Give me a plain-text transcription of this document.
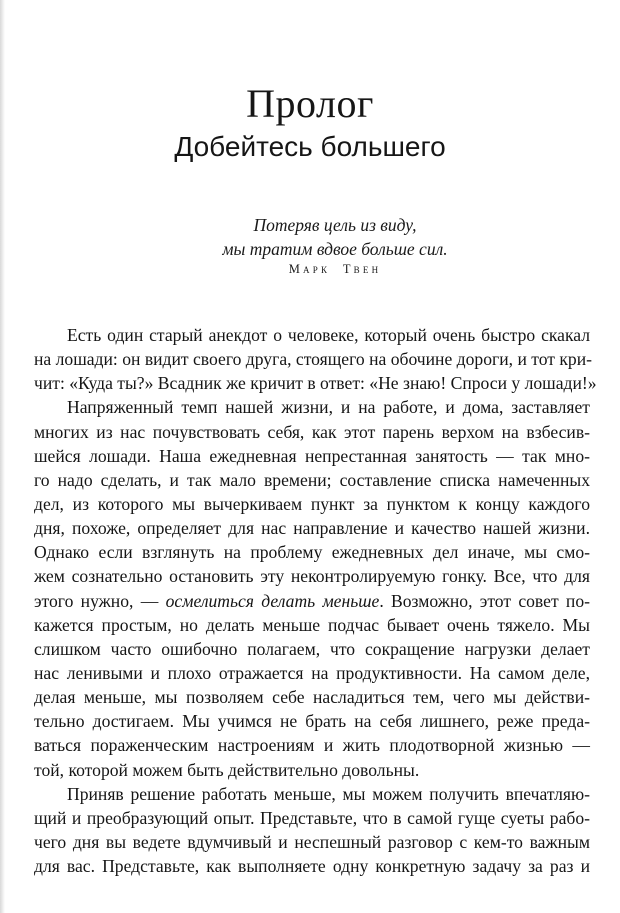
Пролог
Добейтесь большего
Потеряв цель из виду,
мы тратим вдвое больше сил.
Марк Твен
Есть один старый анекдот о человеке, который очень быстро скакал
на лошади: он видит своего друга, стоящего на обочине дороги, и тот кри-
чит: «Куда ты?» Всадник же кричит в ответ: «Не знаю! Спроси у лошади!»
Напряженный темп нашей жизни, и на работе, и дома, заставляет
многих из нас почувствовать себя, как этот парень верхом на взбесив-
шейся лошади. Наша ежедневная непрестанная занятость — так мно-
го надо сделать, и так мало времени; составление списка намеченных
дел, из которого мы вычеркиваем пункт за пунктом к концу каждого
дня, похоже, определяет для нас направление и качество нашей жизни.
Однако если взглянуть на проблему ежедневных дел иначе, мы смо-
жем сознательно остановить эту неконтролируемую гонку. Все, что для
этого нужно, — осмелиться делать меньше. Возможно, этот совет по-
кажется простым, но делать меньше подчас бывает очень тяжело. Мы
слишком часто ошибочно полагаем, что сокращение нагрузки делает
нас ленивыми и плохо отражается на продуктивности. На самом деле,
делая меньше, мы позволяем себе насладиться тем, чего мы действи-
тельно достигаем. Мы учимся не брать на себя лишнего, реже преда-
ваться пораженческим настроениям и жить плодотворной жизнью —
той, которой можем быть действительно довольны.
Приняв решение работать меньше, мы можем получить впечатляю-
щий и преобразующий опыт. Представьте, что в самой гуще суеты рабо-
чего дня вы ведете вдумчивый и неспешный разговор с кем-то важным
для вас. Представьте, как выполняете одну конкретную задачу за раз и
